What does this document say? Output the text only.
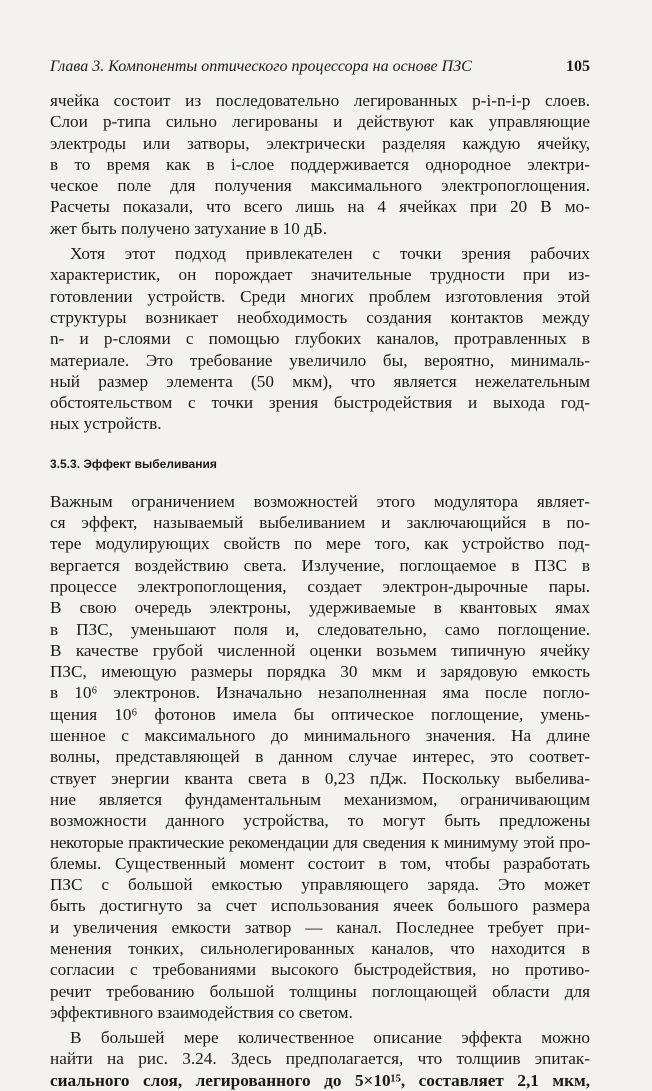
Глава 3. Компоненты оптического процессора на основе ПЗС	105
ячейка состоит из последовательно легированных p-i-n-i-p слоев.
Слои p-типа сильно легированы и действуют как управляющие
электроды или затворы, электрически разделяя каждую ячейку,
в то время как в i-слое поддерживается однородное электри-
ческое поле для получения максимального электропоглощения.
Расчеты показали, что всего лишь на 4 ячейках при 20 В мо-
жет быть получено затухание в 10 дБ.
Хотя этот подход привлекателен с точки зрения рабочих
характеристик, он порождает значительные трудности при из-
готовлении устройств. Среди многих проблем изготовления этой
структуры возникает необходимость создания контактов между
n- и p-слоями с помощью глубоких каналов, протравленных в
материале. Это требование увеличило бы, вероятно, минималь-
ный размер элемента (50 мкм), что является нежелательным
обстоятельством с точки зрения быстродействия и выхода год-
ных устройств.
3.5.3. Эффект выбеливания
Важным ограничением возможностей этого модулятора являет-
ся эффект, называемый выбеливанием и заключающийся в по-
тере модулирующих свойств по мере того, как устройство под-
вергается воздействию света. Излучение, поглощаемое в ПЗС в
процессе электропоглощения, создает электрон-дырочные пары.
В свою очередь электроны, удерживаемые в квантовых ямах
в ПЗС, уменьшают поля и, следовательно, само поглощение.
В качестве грубой численной оценки возьмем типичную ячейку
ПЗС, имеющую размеры порядка 30 мкм и зарядовую емкость
в 10⁶ электронов. Изначально незаполненная яма после погло-
щения 10⁶ фотонов имела бы оптическое поглощение, умень-
шенное с максимального до минимального значения. На длине
волны, представляющей в данном случае интерес, это соответ-
ствует энергии кванта света в 0,23 пДж. Поскольку выбелива-
ние является фундаментальным механизмом, ограничивающим
возможности данного устройства, то могут быть предложены
некоторые практические рекомендации для сведения к минимуму этой про-
блемы. Существенный момент состоит в том, чтобы разработать
ПЗС с большой емкостью управляющего заряда. Это может
быть достигнуто за счет использования ячеек большого размера
и увеличения емкости затвор — канал. Последнее требует при-
менения тонких, сильнолегированных каналов, что находится в
согласии с требованиями высокого быстродействия, но противо-
речит требованию большой толщины поглощающей области для
эффективного взаимодействия со светом.
В большей мере количественное описание эффекта можно
найти на рис. 3.24. Здесь предполагается, что толщиив эпитак-
сиального слоя, легированного до 5×10¹⁵, составляет 2,1 мкм,
